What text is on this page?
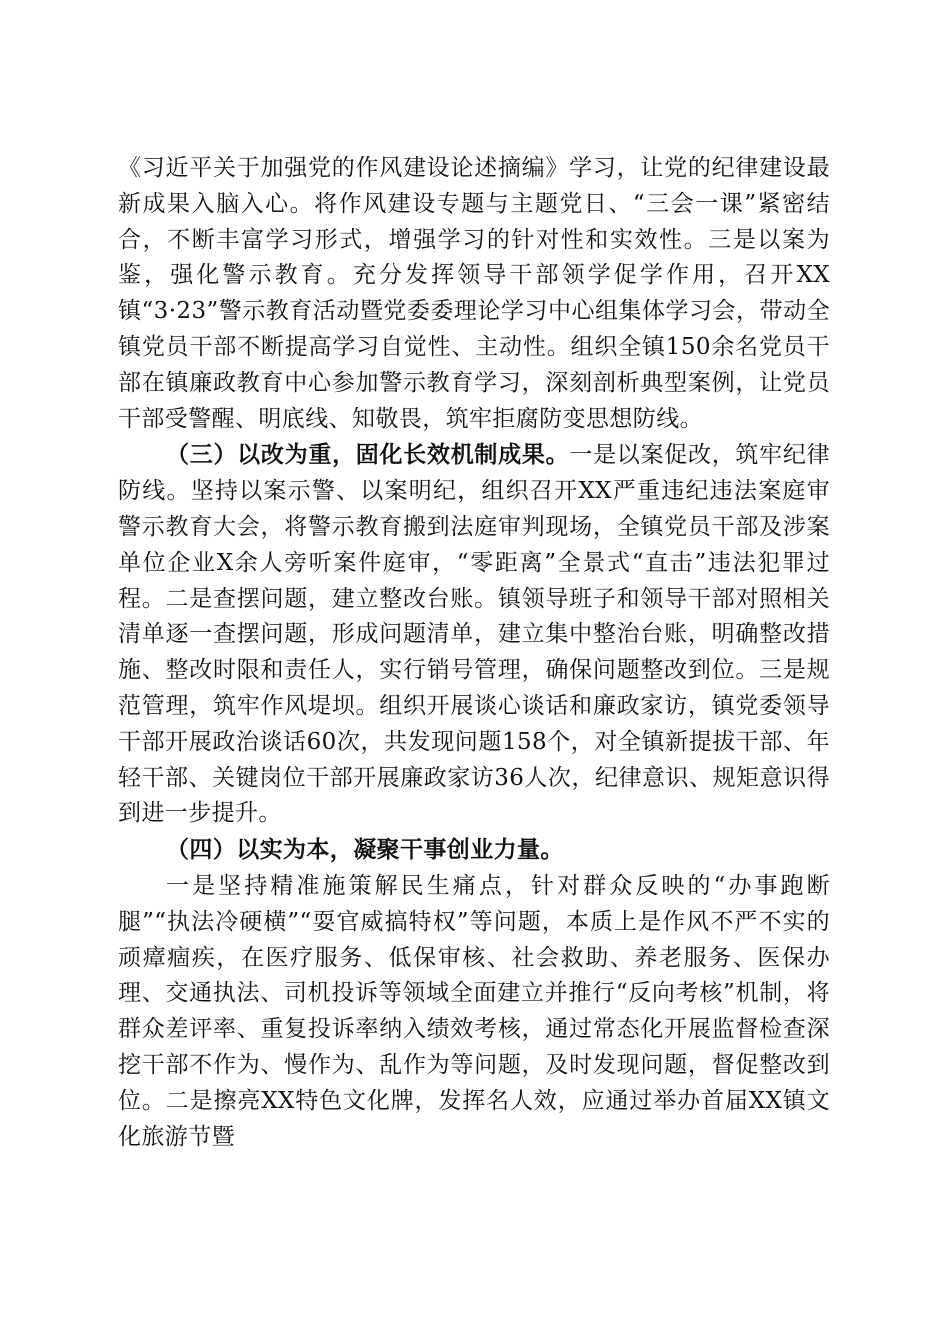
《习近平关于加强党的作风建设论述摘编》学习，让党的纪律建设最新成果入脑入心。将作风建设专题与主题党日、“三会一课”紧密结合，不断丰富学习形式，增强学习的针对性和实效性。三是以案为鉴，强化警示教育。充分发挥领导干部领学促学作用，召开XX镇“3·23”警示教育活动暨党委委理论学习中心组集体学习会，带动全镇党员干部不断提高学习自觉性、主动性。组织全镇150余名党员干部在镇廉政教育中心参加警示教育学习，深刻剖析典型案例，让党员干部受警醒、明底线、知敬畏，筑牢拒腐防变思想防线。

（三）以改为重，固化长效机制成果。一是以案促改，筑牢纪律防线。坚持以案示警、以案明纪，组织召开XX严重违纪违法案庭审警示教育大会，将警示教育搬到法庭审判现场，全镇党员干部及涉案单位企业X余人旁听案件庭审，“零距离”全景式“直击”违法犯罪过程。二是查摆问题，建立整改台账。镇领导班子和领导干部对照相关清单逐一查摆问题，形成问题清单，建立集中整治台账，明确整改措施、整改时限和责任人，实行销号管理，确保问题整改到位。三是规范管理，筑牢作风堤坝。组织开展谈心谈话和廉政家访，镇党委领导干部开展政治谈话60次，共发现问题158个，对全镇新提拔干部、年轻干部、关键岗位干部开展廉政家访36人次，纪律意识、规矩意识得到进一步提升。

（四）以实为本，凝聚干事创业力量。

一是坚持精准施策解民生痛点，针对群众反映的“办事跑断腿”“执法冷硬横”“耍官威搞特权”等问题，本质上是作风不严不实的顽瘴痼疾，在医疗服务、低保审核、社会救助、养老服务、医保办理、交通执法、司机投诉等领域全面建立并推行“反向考核”机制，将群众差评率、重复投诉率纳入绩效考核，通过常态化开展监督检查深挖干部不作为、慢作为、乱作为等问题，及时发现问题，督促整改到位。二是擦亮XX特色文化牌，发挥名人效，应通过举办首届XX镇文化旅游节暨
